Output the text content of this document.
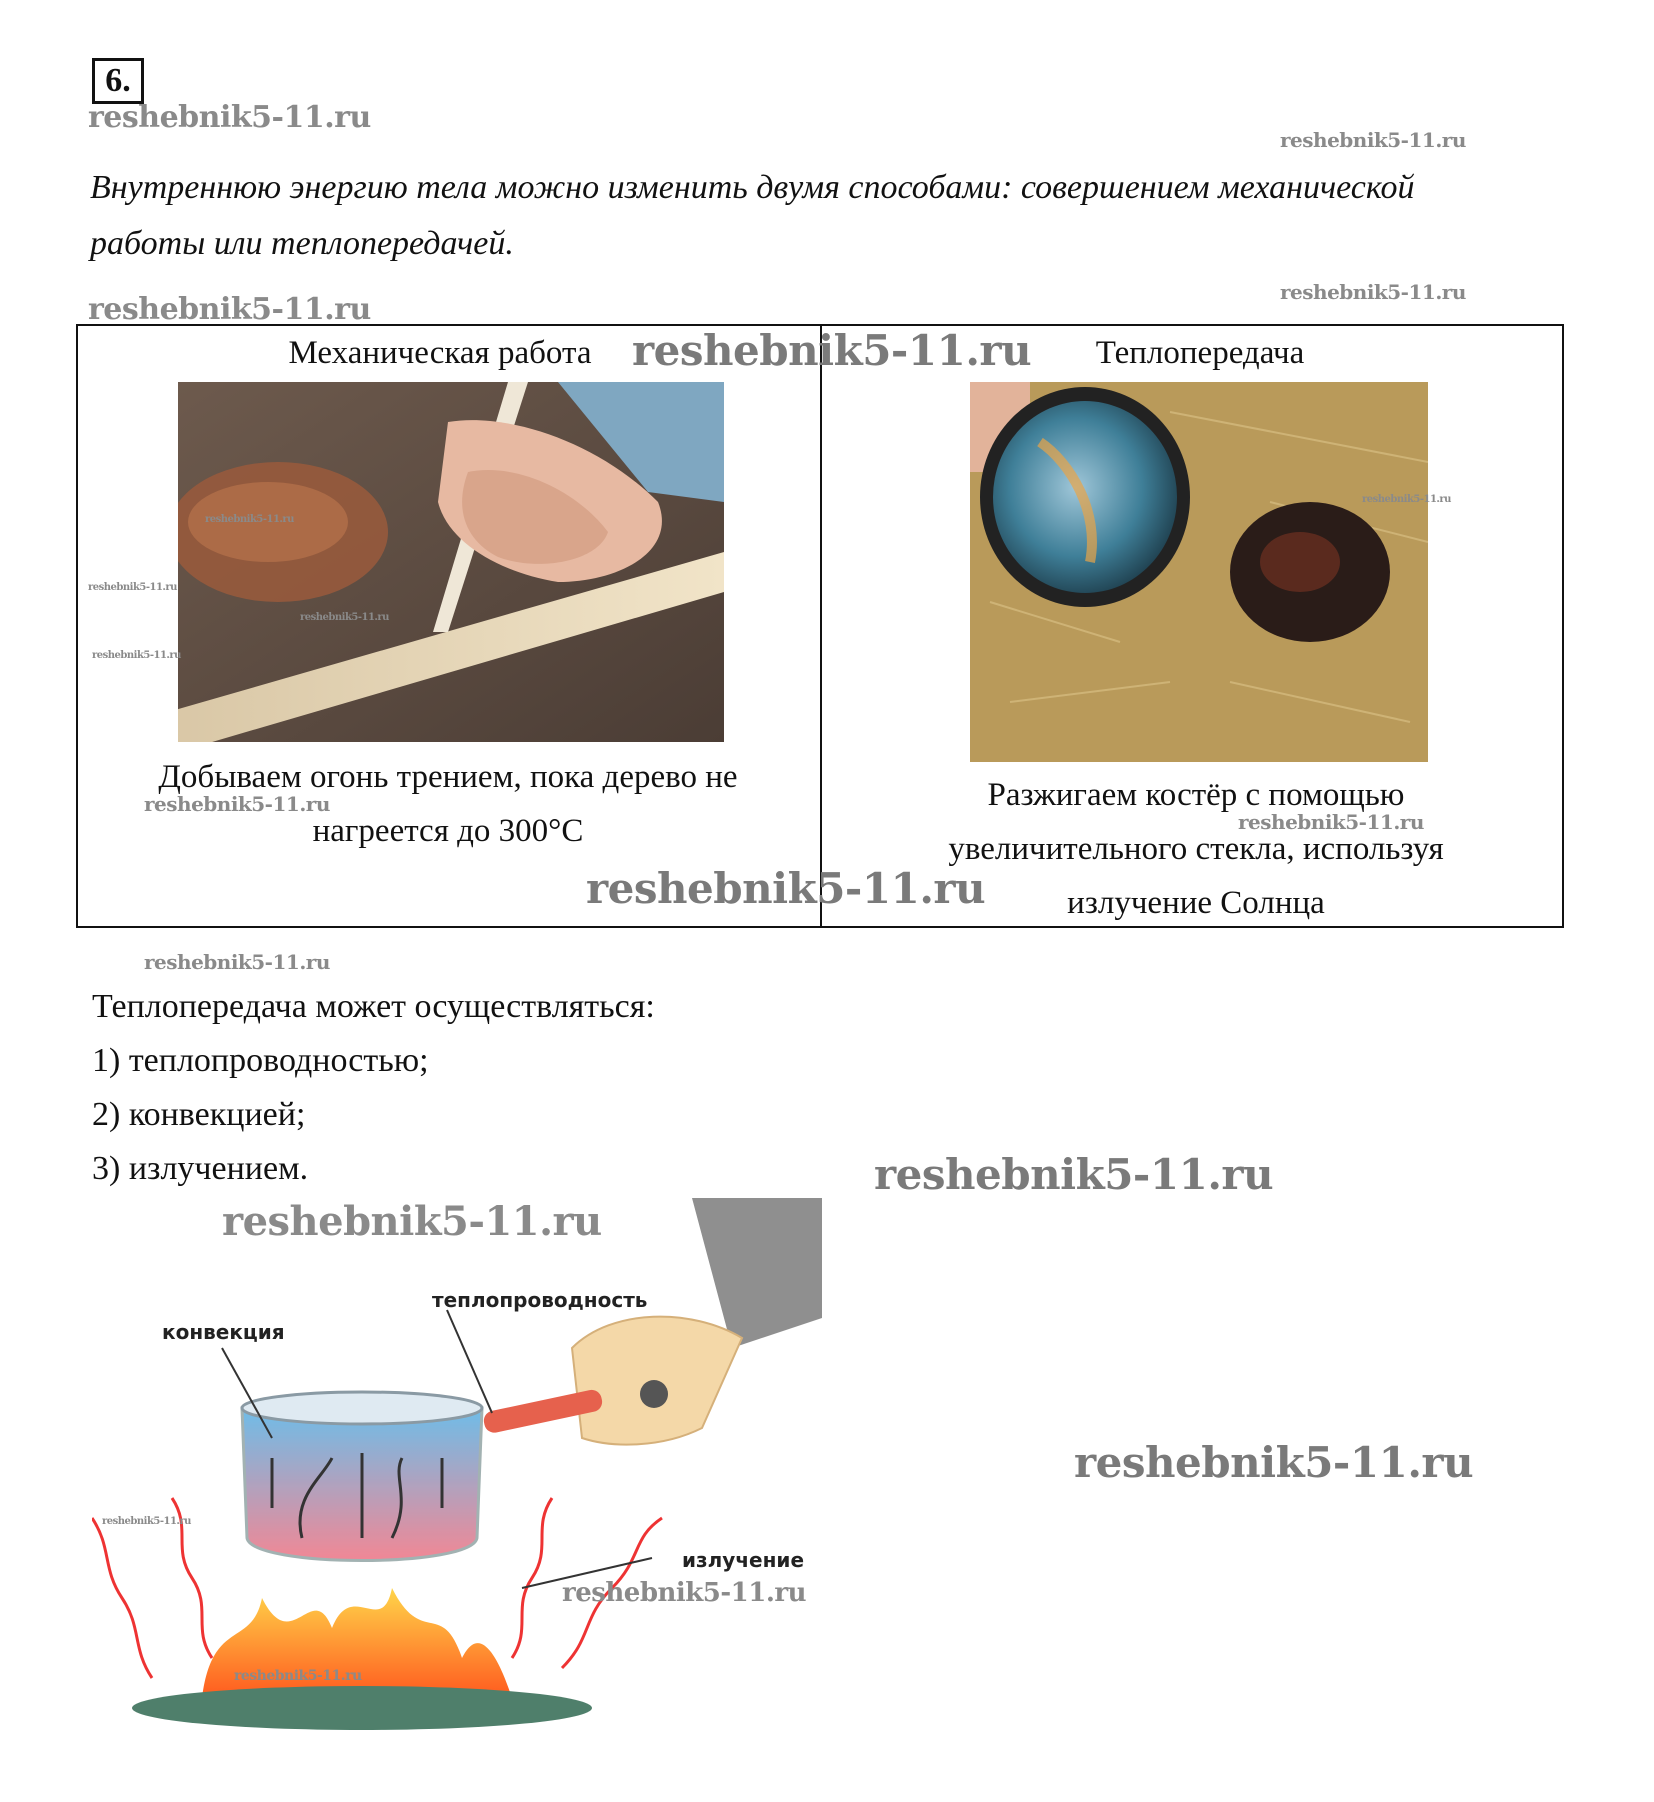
6.
reshebnik5-11.ru
reshebnik5-11.ru
reshebnik5-11.ru
reshebnik5-11.ru
Внутреннюю энергию тела можно изменить двумя способами: совершением механической работы или теплопередачей.
Механическая работа	Теплопередача
reshebnik5-11.ru
reshebnik5-11.ru
reshebnik5-11.ru
reshebnik5-11.ru
reshebnik5-11.ru
Добываем огонь трением, пока дерево не нагреется до 300°С
Разжигаем костёр с помощью увеличительного стекла, используя излучение Солнца
reshebnik5-11.ru
reshebnik5-11.ru
reshebnik5-11.ru
reshebnik5-11.ru
reshebnik5-11.ru
Теплопередача может осуществляться:
1) теплопроводностью;
2) конвекцией;
3) излучением.	reshebnik5-11.ru
reshebnik5-11.ru
теплопроводность
конвекция
излучение
reshebnik5-11.ru
reshebnik5-11.ru
reshebnik5-11.ru
reshebnik5-11.ru
